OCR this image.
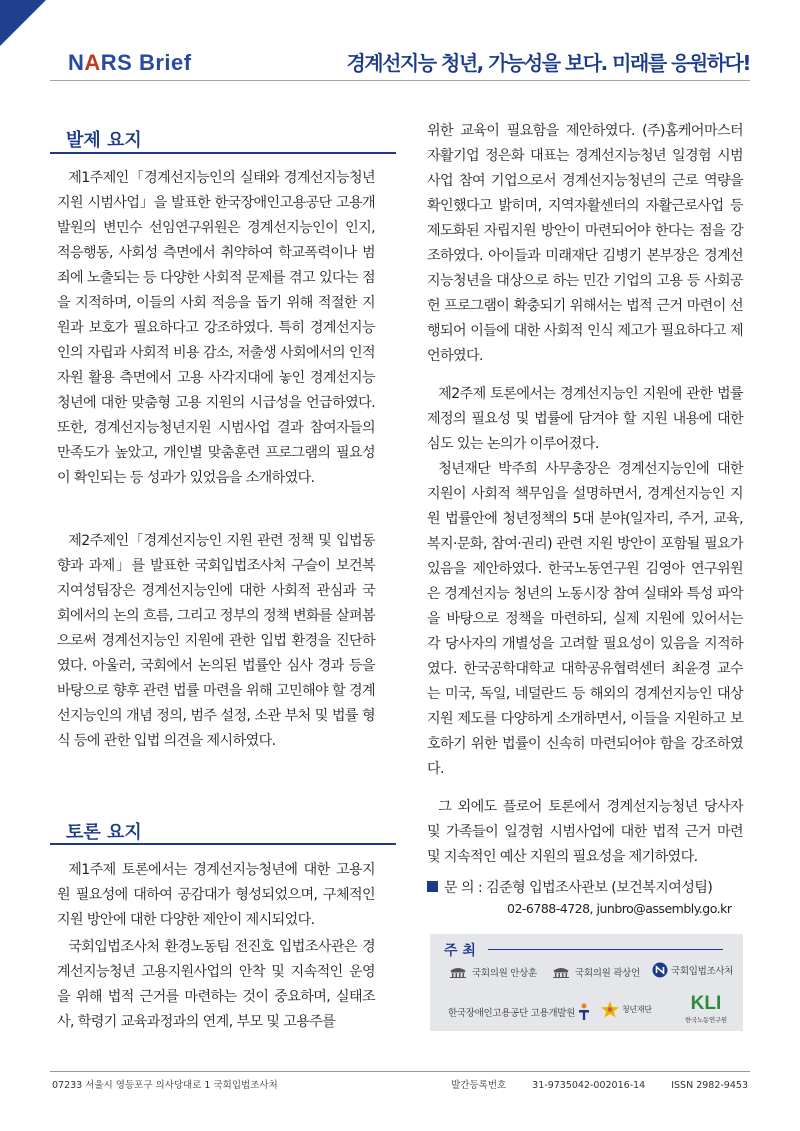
NARS Brief	경계선지능 청년, 가능성을 보다. 미래를 응원하다!
발제 요지
제1주제인「경계선지능인의 실태와 경계선지능청년 지원 시범사업」을 발표한 한국장애인고용공단 고용개발원의 변민수 선임연구위원은 경계선지능인이 인지, 적응행동, 사회성 측면에서 취약하여 학교폭력이나 범죄에 노출되는 등 다양한 사회적 문제를 겪고 있다는 점을 지적하며, 이들의 사회 적응을 돕기 위해 적절한 지원과 보호가 필요하다고 강조하였다. 특히 경계선지능인의 자립과 사회적 비용 감소, 저출생 사회에서의 인적 자원 활용 측면에서 고용 사각지대에 놓인 경계선지능 청년에 대한 맞춤형 고용 지원의 시급성을 언급하였다. 또한, 경계선지능청년지원 시범사업 결과 참여자들의 만족도가 높았고, 개인별 맞춤훈련 프로그램의 필요성이 확인되는 등 성과가 있었음을 소개하였다.
제2주제인「경계선지능인 지원 관련 정책 및 입법동향과 과제」를 발표한 국회입법조사처 구슬이 보건복지여성팀장은 경계선지능인에 대한 사회적 관심과 국회에서의 논의 흐름, 그리고 정부의 정책 변화를 살펴봄으로써 경계선지능인 지원에 관한 입법 환경을 진단하였다. 아울러, 국회에서 논의된 법률안 심사 경과 등을 바탕으로 향후 관련 법률 마련을 위해 고민해야 할 경계선지능인의 개념 정의, 범주 설정, 소관 부처 및 법률 형식 등에 관한 입법 의견을 제시하였다.
토론 요지
제1주제 토론에서는 경계선지능청년에 대한 고용지원 필요성에 대하여 공감대가 형성되었으며, 구체적인 지원 방안에 대한 다양한 제안이 제시되었다.
국회입법조사처 환경노동팀 전진호 입법조사관은 경계선지능청년 고용지원사업의 안착 및 지속적인 운영을 위해 법적 근거를 마련하는 것이 중요하며, 실태조사, 학령기 교육과정과의 연계, 부모 및 고용주를
위한 교육이 필요함을 제안하였다. (주)홈케어마스터 자활기업 정은화 대표는 경계선지능청년 일경험 시범사업 참여 기업으로서 경계선지능청년의 근로 역량을 확인했다고 밝히며, 지역자활센터의 자활근로사업 등 제도화된 자립지원 방안이 마련되어야 한다는 점을 강조하였다. 아이들과 미래재단 김병기 본부장은 경계선지능청년을 대상으로 하는 민간 기업의 고용 등 사회공헌 프로그램이 확충되기 위해서는 법적 근거 마련이 선행되어 이들에 대한 사회적 인식 제고가 필요하다고 제언하였다.
제2주제 토론에서는 경계선지능인 지원에 관한 법률 제정의 필요성 및 법률에 담겨야 할 지원 내용에 대한 심도 있는 논의가 이루어졌다.
청년재단 박주희 사무총장은 경계선지능인에 대한 지원이 사회적 책무임을 설명하면서, 경계선지능인 지원 법률안에 청년정책의 5대 분야(일자리, 주거, 교육, 복지·문화, 참여·권리) 관련 지원 방안이 포함될 필요가 있음을 제안하였다. 한국노동연구원 김영아 연구위원은 경계선지능 청년의 노동시장 참여 실태와 특성 파악을 바탕으로 정책을 마련하되, 실제 지원에 있어서는 각 당사자의 개별성을 고려할 필요성이 있음을 지적하였다. 한국공학대학교 대학공유협력센터 최윤경 교수는 미국, 독일, 네덜란드 등 해외의 경계선지능인 대상 지원 제도를 다양하게 소개하면서, 이들을 지원하고 보호하기 위한 법률이 신속히 마련되어야 함을 강조하였다.
그 외에도 플로어 토론에서 경계선지능청년 당사자 및 가족들이 일경험 시범사업에 대한 법적 근거 마련 및 지속적인 예산 지원의 필요성을 제기하였다.
문 의 : 김준형 입법조사관보 (보건복지여성팀)
02-6788-4728, junbro@assembly.go.kr
주 최
국회의원 안상훈	국회의원 곽상언	국회입법조사처
한국장애인고용공단 고용개발원	청년재단 KLI
한국노동연구원
07233 서울시 영등포구 의사당대로 1 국회입법조사처	발간등록번호	31-9735042-002016-14	ISSN 2982-9453
